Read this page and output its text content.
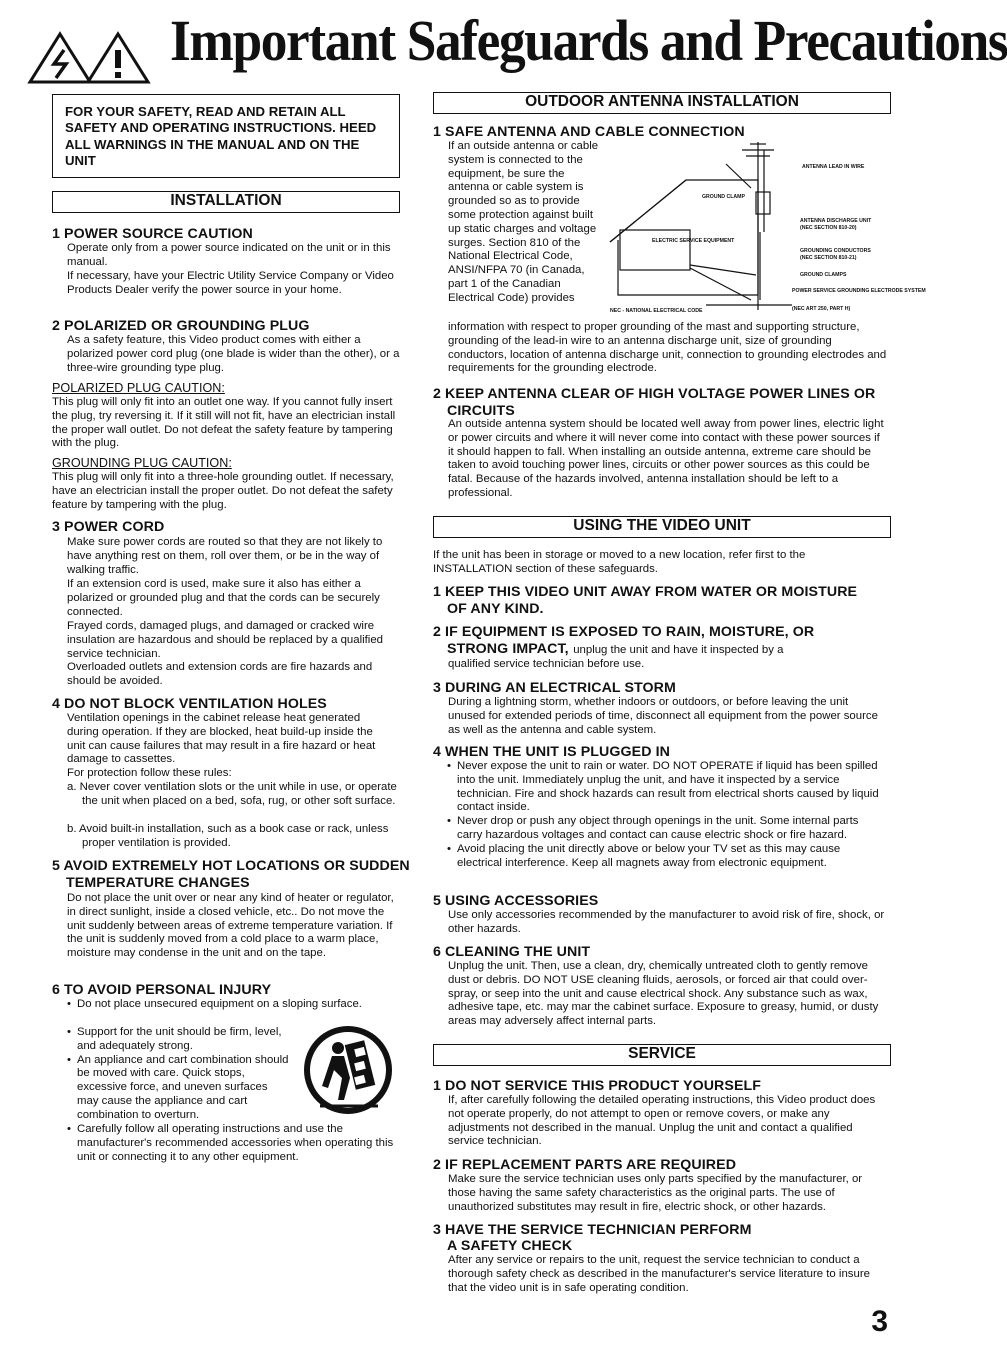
Important Safeguards and Precautions
FOR YOUR SAFETY, READ AND RETAIN ALL SAFETY AND OPERATING INSTRUCTIONS. HEED ALL WARNINGS IN THE MANUAL AND ON THE UNIT
INSTALLATION
1 POWER SOURCE CAUTION

Operate only from a power source indicated on the unit or in this manual.

If necessary, have your Electric Utility Service Company or Video Products Dealer verify the power source in your home.

2 POLARIZED OR GROUNDING PLUG

As a safety feature, this Video product comes with either a polarized power cord plug (one blade is wider than the other), or a three-wire grounding type plug.

POLARIZED PLUG CAUTION:

This plug will only fit into an outlet one way. If you cannot fully insert the plug, try reversing it. If it still will not fit, have an electrician install the proper wall outlet. Do not defeat the safety feature by tampering with the plug.

GROUNDING PLUG CAUTION:

This plug will only fit into a three-hole grounding outlet. If necessary, have an electrician install the proper outlet. Do not defeat the safety feature by tampering with the plug.

3 POWER CORD

Make sure power cords are routed so that they are not likely to have anything rest on them, roll over them, or be in the way of walking traffic.

If an extension cord is used, make sure it also has either a polarized or grounded plug and that the cords can be securely connected.

Frayed cords, damaged plugs, and damaged or cracked wire insulation are hazardous and should be replaced by a qualified service technician.

Overloaded outlets and extension cords are fire hazards and should be avoided.

4 DO NOT BLOCK VENTILATION HOLES

Ventilation openings in the cabinet release heat generated during operation. If they are blocked, heat build-up inside the unit can cause failures that may result in a fire hazard or heat damage to cassettes.

For protection follow these rules:

a. Never cover ventilation slots or the unit while in use, or operate the unit when placed on a bed, sofa, rug, or other soft surface.

b. Avoid built-in installation, such as a book case or rack, unless proper ventilation is provided.

5 AVOID EXTREMELY HOT LOCATIONS OR SUDDEN TEMPERATURE CHANGES

Do not place the unit over or near any kind of heater or regulator, in direct sunlight, inside a closed vehicle, etc.. Do not move the unit suddenly between areas of extreme temperature variation. If the unit is suddenly moved from a cold place to a warm place, moisture may condense in the unit and on the tape.

6 TO AVOID PERSONAL INJURY
• Do not place unsecured equipment on a sloping surface.
• Support for the unit should be firm, level, and adequately strong.
• An appliance and cart combination should be moved with care. Quick stops, excessive force, and uneven surfaces may cause the appliance and cart combination to overturn.
• Carefully follow all operating instructions and use the manufacturer's recommended accessories when operating this unit or connecting it to any other equipment.
OUTDOOR ANTENNA INSTALLATION
1 SAFE ANTENNA AND CABLE CONNECTION

If an outside antenna or cable system is connected to the equipment, be sure the antenna or cable system is grounded so as to provide some protection against built up static charges and voltage surges. Section 810 of the National Electrical Code, ANSI/NFPA 70 (in Canada, part 1 of the Canadian Electrical Code) provides

information with respect to proper grounding of the mast and supporting structure, grounding of the lead-in wire to an antenna discharge unit, size of grounding conductors, location of antenna discharge unit, connection to grounding electrodes and requirements for the grounding electrode.

ANTENNA LEAD IN WIRE
GROUND CLAMP
ANTENNA DISCHARGE UNIT
(NEC SECTION 810-20)
ELECTRIC SERVICE EQUIPMENT
GROUNDING CONDUCTORS
(NEC SECTION 810-21)
GROUND CLAMPS
POWER SERVICE GROUNDING ELECTRODE SYSTEM
(NEC ART 250, PART H)
NEC - NATIONAL ELECTRICAL CODE
2 KEEP ANTENNA CLEAR OF HIGH VOLTAGE POWER LINES OR CIRCUITS

An outside antenna system should be located well away from power lines, electric light or power circuits and where it will never come into contact with these power sources if it should happen to fall. When installing an outside antenna, extreme care should be taken to avoid touching power lines, circuits or other power sources as this could be fatal. Because of the hazards involved, antenna installation should be left to a professional.

USING THE VIDEO UNIT

If the unit has been in storage or moved to a new location, refer first to the INSTALLATION section of these safeguards.

1 KEEP THIS VIDEO UNIT AWAY FROM WATER OR MOISTURE OF ANY KIND.
2 IF EQUIPMENT IS EXPOSED TO RAIN, MOISTURE, OR
STRONG IMPACT, unplug the unit and have it inspected by a

qualified service technician before use.

3 DURING AN ELECTRICAL STORM

During a lightning storm, whether indoors or outdoors, or before leaving the unit unused for extended periods of time, disconnect all equipment from the power source as well as the antenna and cable system.

4 WHEN THE UNIT IS PLUGGED IN
• Never expose the unit to rain or water. DO NOT OPERATE if liquid has been spilled into the unit. Immediately unplug the unit, and have it inspected by a service technician. Fire and shock hazards can result from electrical shorts caused by liquid contact inside.
• Never drop or push any object through openings in the unit. Some internal parts carry hazardous voltages and contact can cause electric shock or fire hazard.
• Avoid placing the unit directly above or below your TV set as this may cause electrical interference. Keep all magnets away from electronic equipment.
5 USING ACCESSORIES

Use only accessories recommended by the manufacturer to avoid risk of fire, shock, or other hazards.

6 CLEANING THE UNIT

Unplug the unit. Then, use a clean, dry, chemically untreated cloth to gently remove dust or debris. DO NOT USE cleaning fluids, aerosols, or forced air that could over-spray, or seep into the unit and cause electrical shock. Any substance such as wax, adhesive tape, etc. may mar the cabinet surface. Exposure to greasy, humid, or dusty areas may adversely affect internal parts.

SERVICE
1 DO NOT SERVICE THIS PRODUCT YOURSELF

If, after carefully following the detailed operating instructions, this Video product does not operate properly, do not attempt to open or remove covers, or make any adjustments not described in the manual. Unplug the unit and contact a qualified service technician.

2 IF REPLACEMENT PARTS ARE REQUIRED

Make sure the service technician uses only parts specified by the manufacturer, or those having the same safety characteristics as the original parts. The use of unauthorized substitutes may result in fire, electric shock, or other hazards.

3 HAVE THE SERVICE TECHNICIAN PERFORM
A SAFETY CHECK

After any service or repairs to the unit, request the service technician to conduct a thorough safety check as described in the manufacturer's service literature to insure that the video unit is in safe operating condition.

3
